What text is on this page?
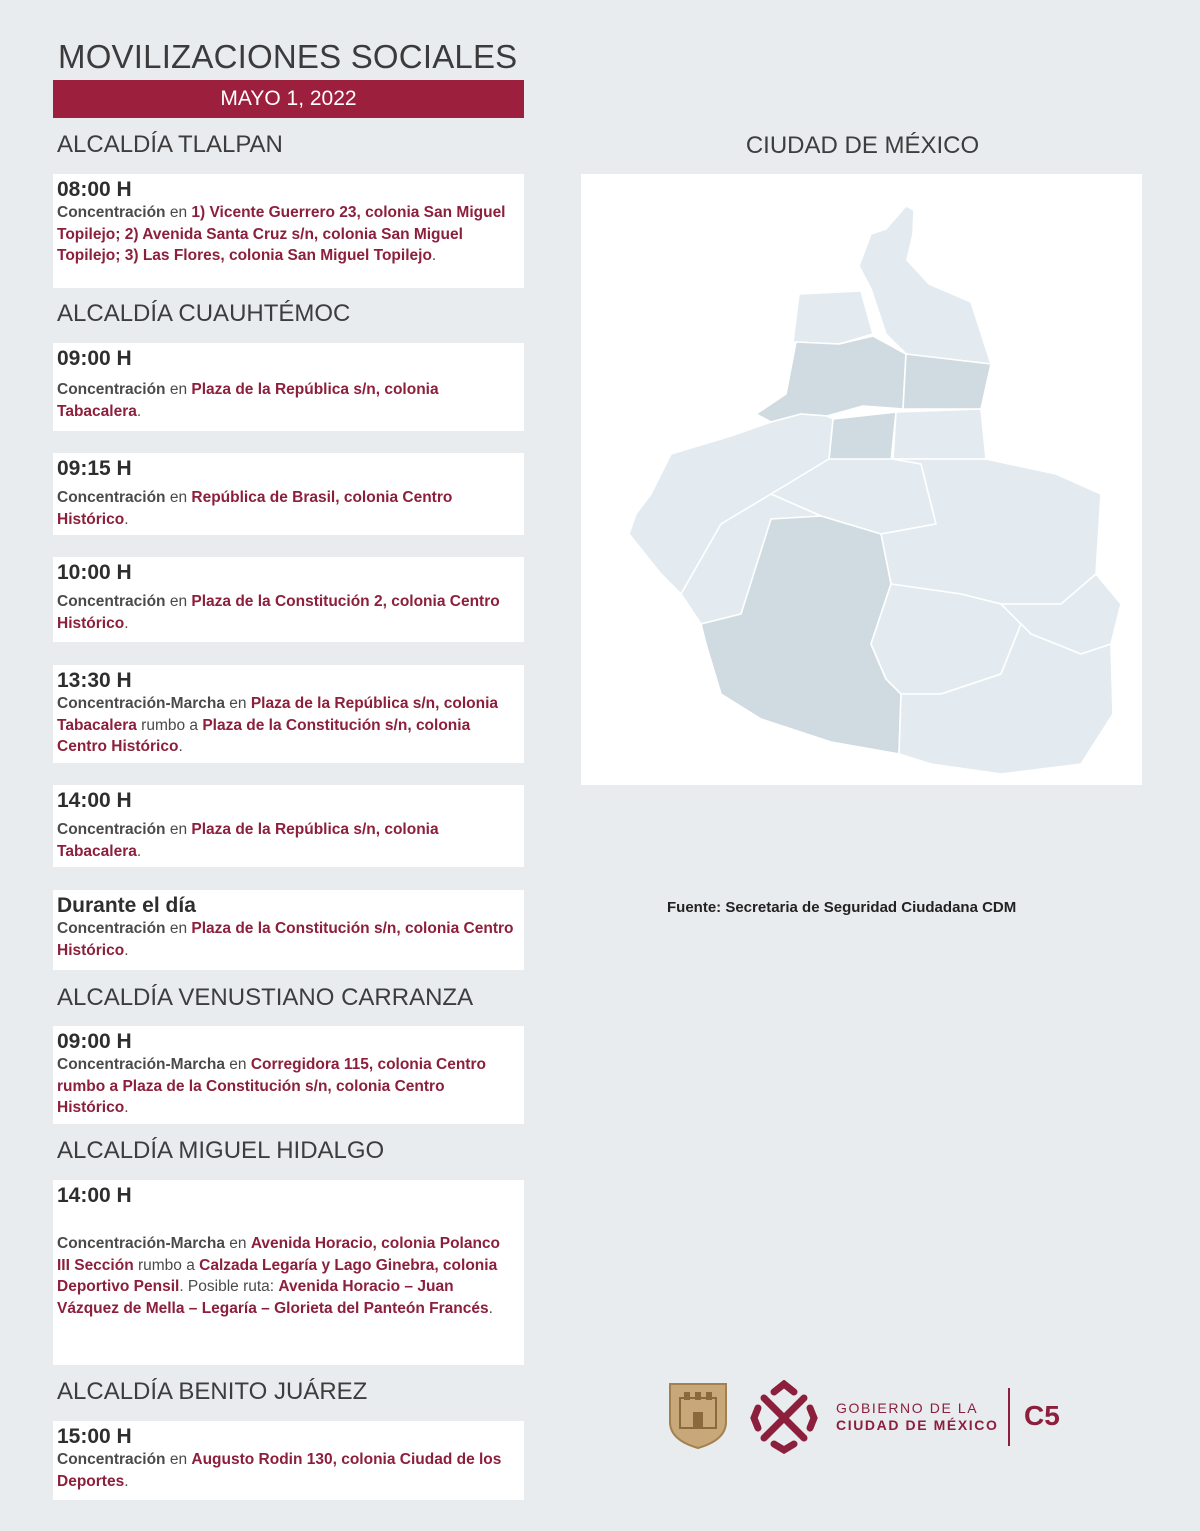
MOVILIZACIONES SOCIALES
MAYO 1, 2022
ALCALDÍA TLALPAN
08:00 H
Concentración en 1) Vicente Guerrero 23, colonia San Miguel Topilejo; 2) Avenida Santa Cruz s/n, colonia San Miguel Topilejo; 3) Las Flores, colonia San Miguel Topilejo.
ALCALDÍA CUAUHTÉMOC
09:00 H
Concentración en Plaza de la República s/n, colonia Tabacalera.
09:15 H
Concentración en República de Brasil, colonia Centro Histórico.
10:00 H
Concentración en Plaza de la Constitución 2, colonia Centro Histórico.
13:30 H
Concentración-Marcha en Plaza de la República s/n, colonia Tabacalera rumbo a Plaza de la Constitución s/n, colonia Centro Histórico.
14:00 H
Concentración en Plaza de la República s/n, colonia Tabacalera.
Durante el día
Concentración en Plaza de la Constitución s/n, colonia Centro Histórico.
ALCALDÍA VENUSTIANO CARRANZA
09:00 H
Concentración-Marcha en Corregidora 115, colonia Centro rumbo a Plaza de la Constitución s/n, colonia Centro Histórico.
ALCALDÍA MIGUEL HIDALGO
14:00 H
Concentración-Marcha en Avenida Horacio, colonia Polanco III Sección rumbo a Calzada Legaría y Lago Ginebra, colonia Deportivo Pensil. Posible ruta: Avenida Horacio – Juan Vázquez de Mella – Legaría – Glorieta del Panteón Francés.
ALCALDÍA BENITO JUÁREZ
15:00 H
Concentración en Augusto Rodin 130, colonia Ciudad de los Deportes.
CIUDAD DE MÉXICO
Fuente: Secretaria de Seguridad Ciudadana CDM
GOBIERNO DE LA
CIUDAD DE MÉXICO C5
